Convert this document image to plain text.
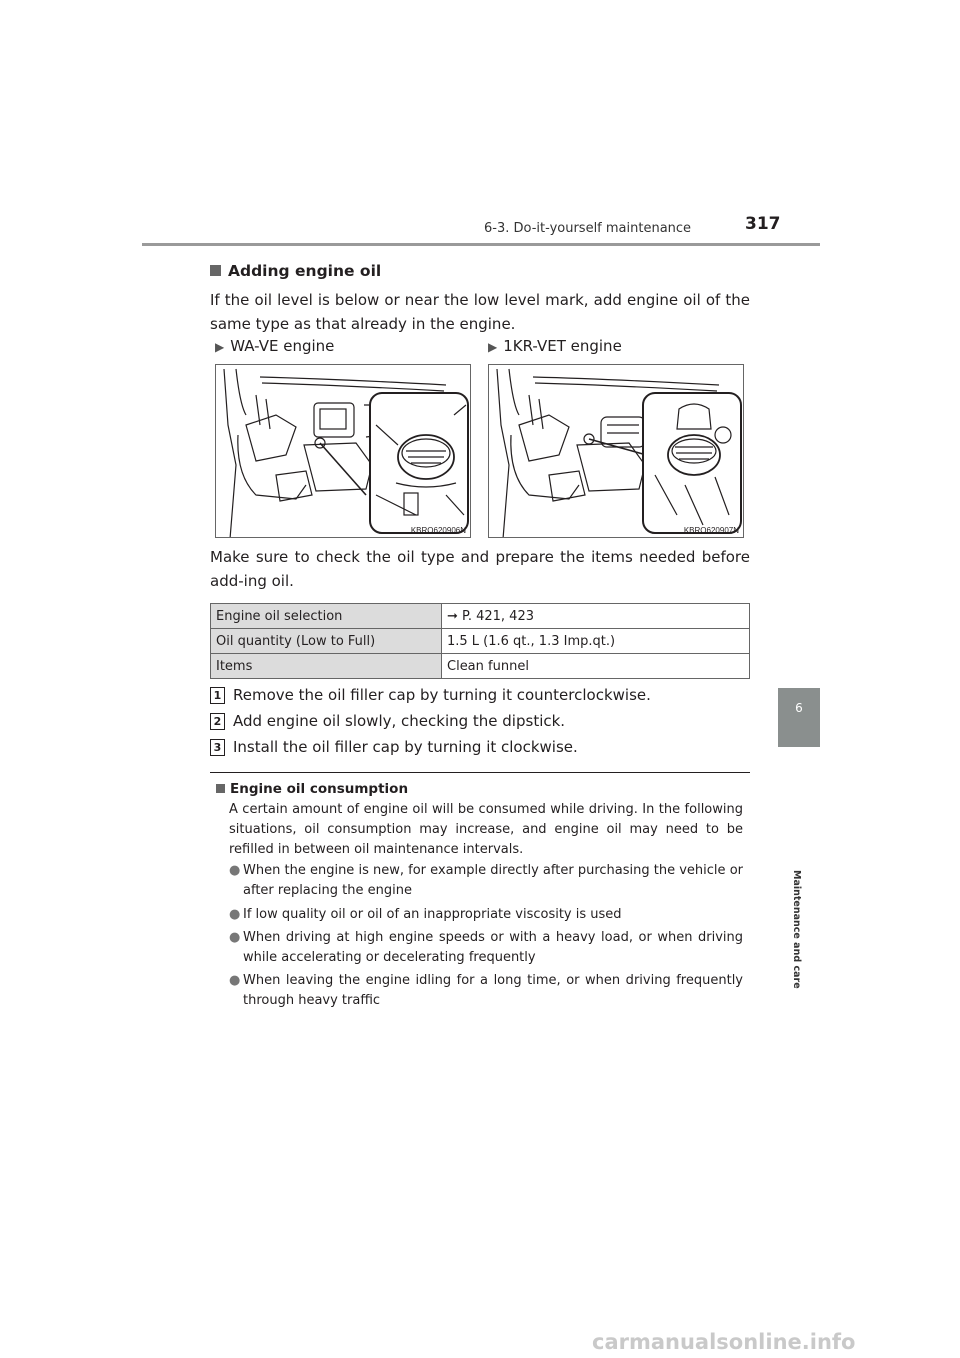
6-3. Do-it-yourself maintenance	317
6
Maintenance and care
Adding engine oil
If the oil level is below or near the low level mark, add engine oil of the same type as that already in the engine.
▶ WA-VE engine	▶ 1KR-VET engine
KBRO620906N	KBRO620907N
Make sure to check the oil type and prepare the items needed before add-ing oil.
Engine oil selection	➞ P. 421, 423
Oil quantity (Low to Full)	1.5 L (1.6 qt., 1.3 Imp.qt.)
Items	Clean funnel
1 Remove the oil filler cap by turning it counterclockwise.
2 Add engine oil slowly, checking the dipstick.
3 Install the oil filler cap by turning it clockwise.
Engine oil consumption
A certain amount of engine oil will be consumed while driving. In the following situations, oil consumption may increase, and engine oil may need to be refilled in between oil maintenance intervals.
● When the engine is new, for example directly after purchasing the vehicle or after replacing the engine
● If low quality oil or oil of an inappropriate viscosity is used
● When driving at high engine speeds or with a heavy load, or when driving while accelerating or decelerating frequently
● When leaving the engine idling for a long time, or when driving frequently through heavy traffic
carmanualsonline.info
